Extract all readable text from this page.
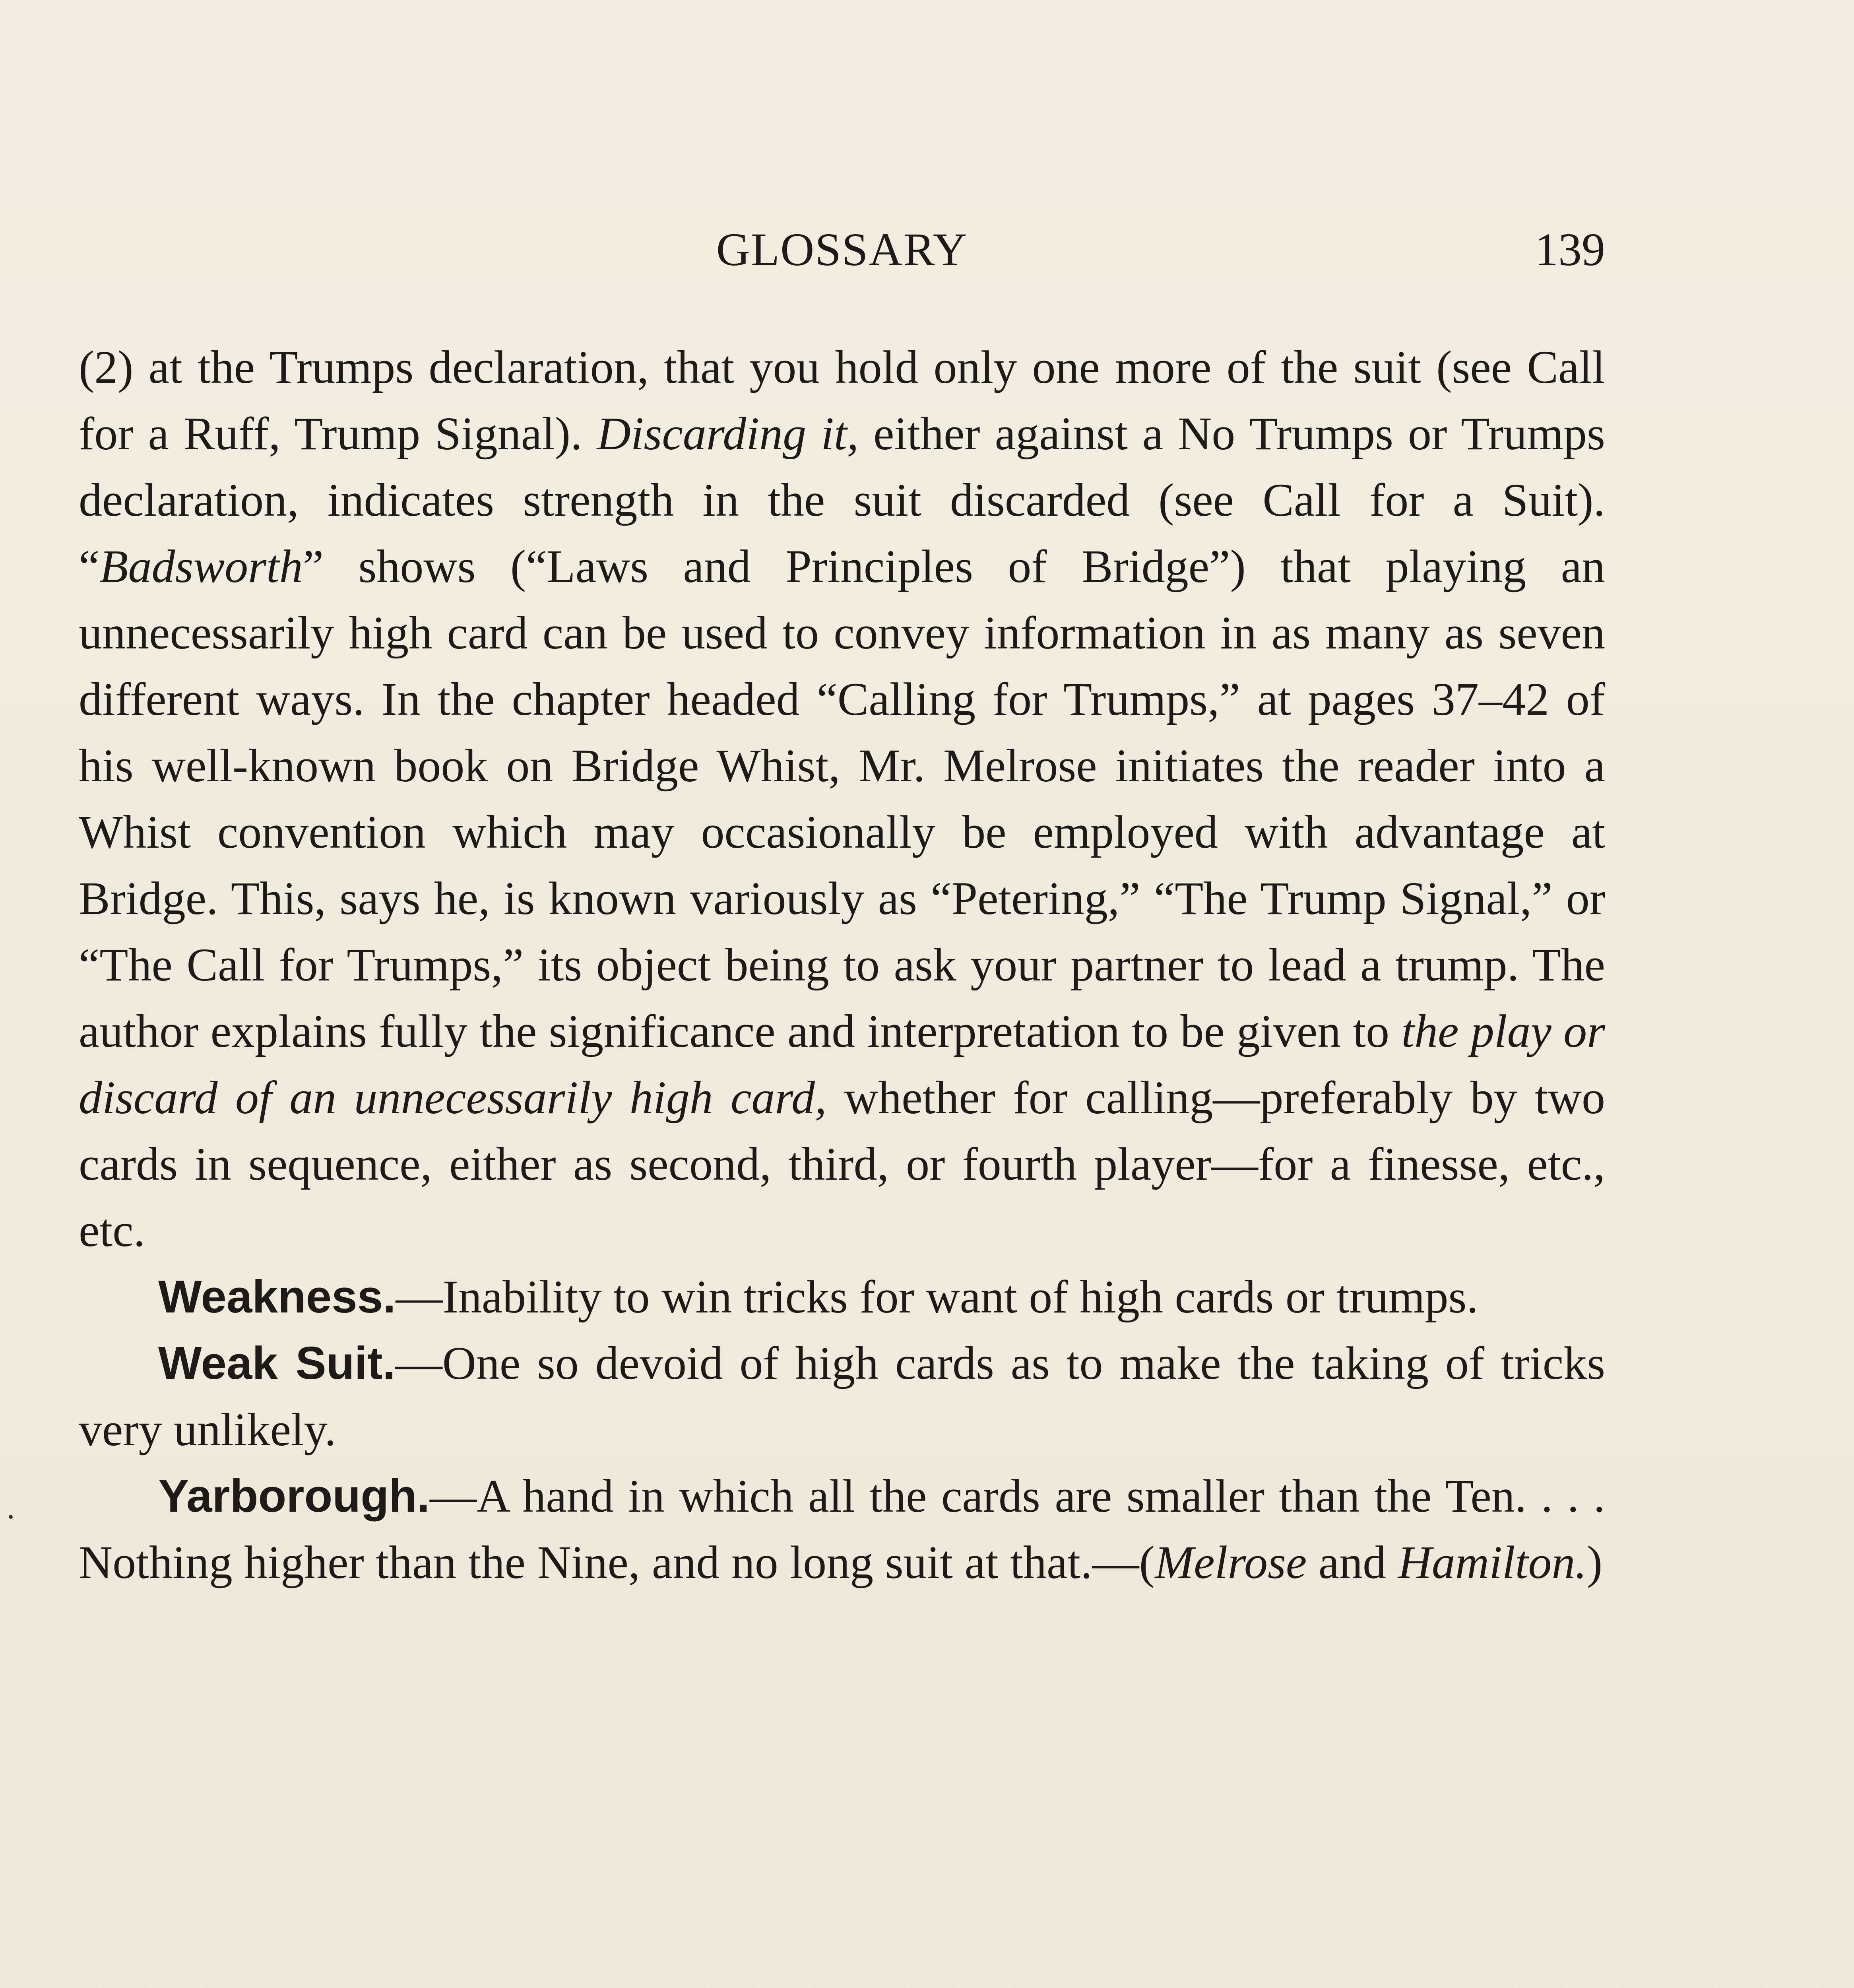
GLOSSARY	139

(2) at the Trumps declaration, that you hold only one more of the suit (see Call for a Ruff, Trump Signal). Discarding it, either against a No Trumps or Trumps declaration, indicates strength in the suit discarded (see Call for a Suit). “Badsworth” shows (“Laws and Principles of Bridge”) that playing an unnecessarily high card can be used to convey information in as many as seven different ways. In the chapter headed “Calling for Trumps,” at pages 37–42 of his well-known book on Bridge Whist, Mr. Melrose initiates the reader into a Whist convention which may occasionally be employed with advantage at Bridge. This, says he, is known variously as “Petering,” “The Trump Signal,” or “The Call for Trumps,” its object being to ask your partner to lead a trump. The author explains fully the significance and interpretation to be given to the play or discard of an unnecessarily high card, whether for calling—preferably by two cards in sequence, either as second, third, or fourth player—for a finesse, etc., etc.

Weakness.—Inability to win tricks for want of high cards or trumps.

Weak Suit.—One so devoid of high cards as to make the taking of tricks very unlikely.

Yarborough.—A hand in which all the cards are smaller than the Ten. . . . Nothing higher than the Nine, and no long suit at that.—(Melrose and Hamilton.)
